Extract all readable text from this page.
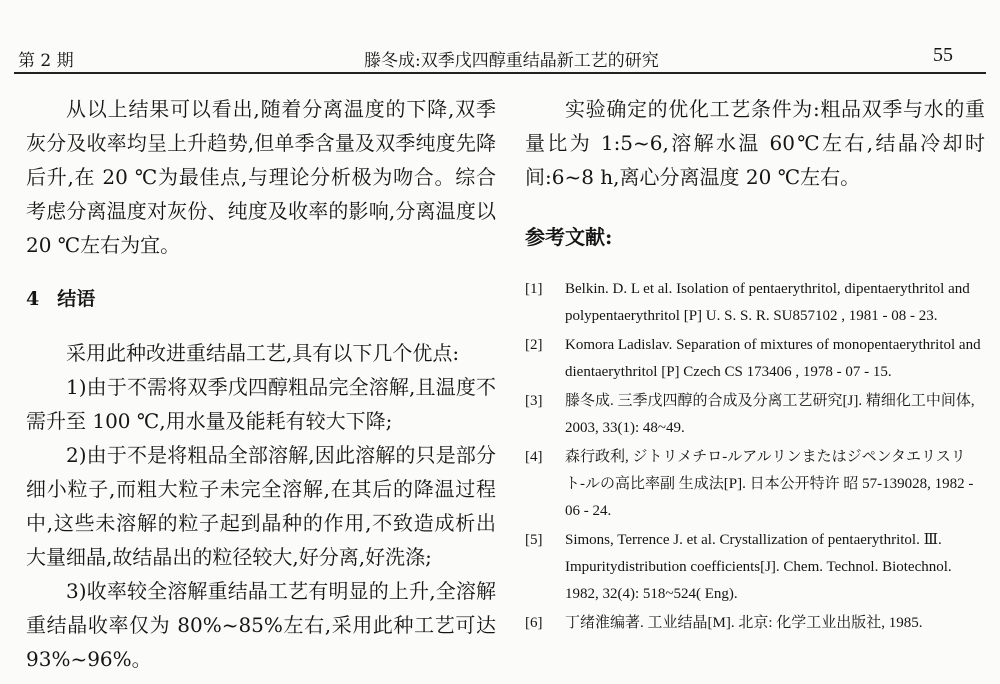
第 2 期	滕冬成:双季戊四醇重结晶新工艺的研究	55

从以上结果可以看出,随着分离温度的下降,双季灰分及收率均呈上升趋势,但单季含量及双季纯度先降后升,在 20 ℃为最佳点,与理论分析极为吻合。综合考虑分离温度对灰份、纯度及收率的影响,分离温度以 20 ℃左右为宜。

4 结语

采用此种改进重结晶工艺,具有以下几个优点:

1)由于不需将双季戊四醇粗品完全溶解,且温度不需升至 100 ℃,用水量及能耗有较大下降;

2)由于不是将粗品全部溶解,因此溶解的只是部分细小粒子,而粗大粒子未完全溶解,在其后的降温过程中,这些未溶解的粒子起到晶种的作用,不致造成析出大量细晶,故结晶出的粒径较大,好分离,好洗涤;

3)收率较全溶解重结晶工艺有明显的上升,全溶解重结晶收率仅为 80%~85%左右,采用此种工艺可达 93%~96%。

实验确定的优化工艺条件为:粗品双季与水的重量比为 1:5~6,溶解水温 60℃左右,结晶冷却时间:6~8 h,离心分离温度 20 ℃左右。

参考文献:
[1]	Belkin. D. L et al. Isolation of pentaerythritol, dipentaerythritol and polypentaerythritol [P] U. S. S. R. SU857102 , 1981 - 08 - 23.
[2]	Komora Ladislav. Separation of mixtures of monopentaerythritol and dientaerythritol [P] Czech CS 173406 , 1978 - 07 - 15.
[3]	滕冬成. 三季戊四醇的合成及分离工艺研究[J]. 精细化工中间体, 2003, 33(1): 48~49.
[4]	森行政利, ジトリメチロ-ルアルリンまたはジペンタエリスリト-ルの高比率副 生成法[P]. 日本公开特许 昭 57-139028, 1982 - 06 - 24.
[5]	Simons, Terrence J. et al. Crystallization of pentaerythritol. Ⅲ. Impuritydistribution coefficients[J]. Chem. Technol. Biotechnol. 1982, 32(4): 518~524( Eng).
[6]	丁绪淮编著. 工业结晶[M]. 北京: 化学工业出版社, 1985.
